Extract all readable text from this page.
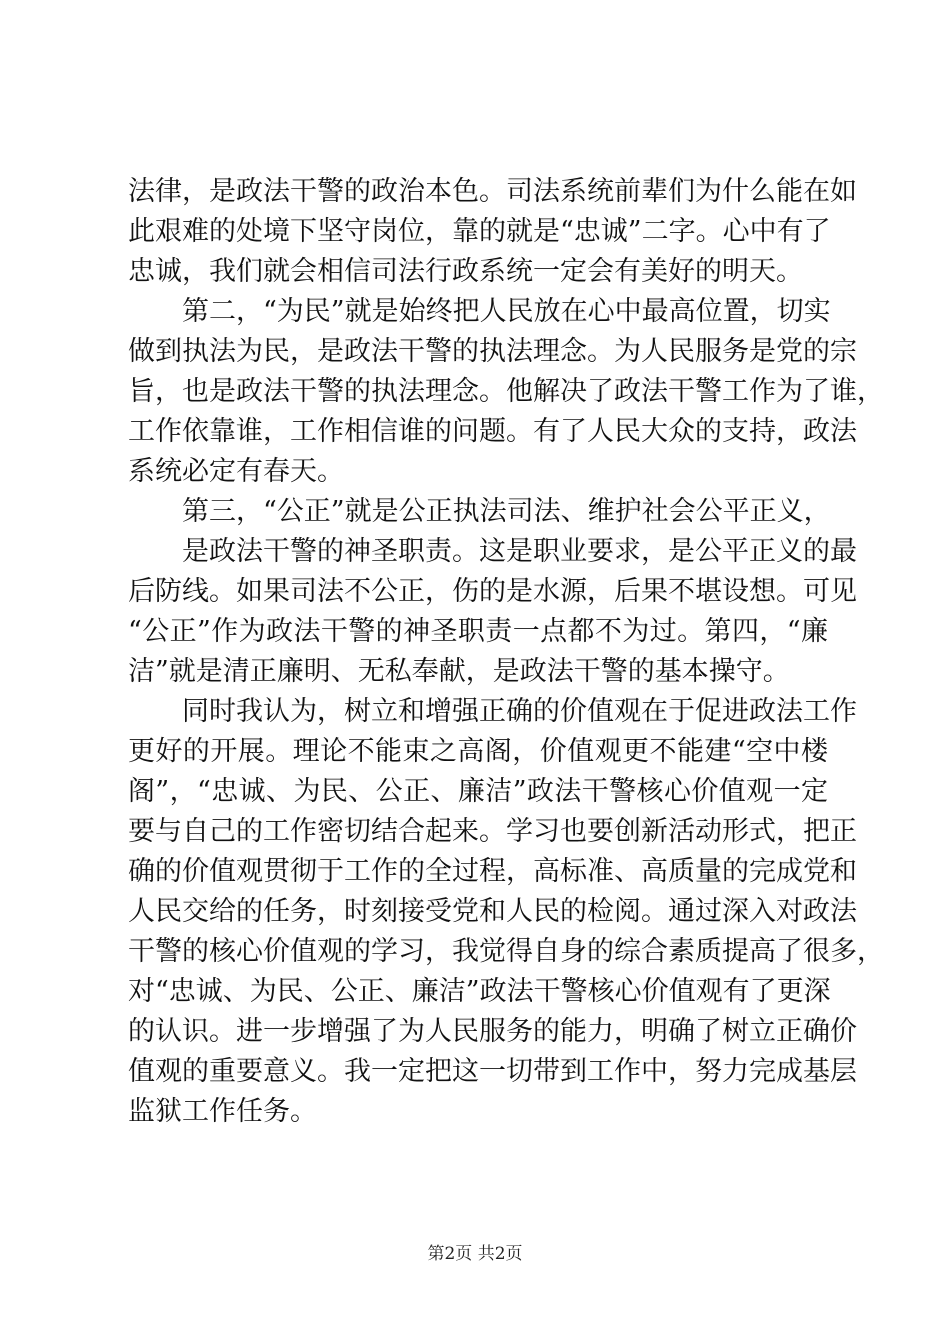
法律，是政法干警的政治本色。司法系统前辈们为什么能在如
此艰难的处境下坚守岗位，靠的就是“忠诚”二字。心中有了
忠诚，我们就会相信司法行政系统一定会有美好的明天。
　　第二，“为民”就是始终把人民放在心中最高位置，切实
做到执法为民，是政法干警的执法理念。为人民服务是党的宗
旨，也是政法干警的执法理念。他解决了政法干警工作为了谁，
工作依靠谁，工作相信谁的问题。有了人民大众的支持，政法
系统必定有春天。
　　第三，“公正”就是公正执法司法、维护社会公平正义，
　　是政法干警的神圣职责。这是职业要求，是公平正义的最
后防线。如果司法不公正，伤的是水源，后果不堪设想。可见
“公正”作为政法干警的神圣职责一点都不为过。第四，“廉
洁”就是清正廉明、无私奉献，是政法干警的基本操守。
　　同时我认为，树立和增强正确的价值观在于促进政法工作
更好的开展。理论不能束之高阁，价值观更不能建“空中楼
阁”，“忠诚、为民、公正、廉洁”政法干警核心价值观一定
要与自己的工作密切结合起来。学习也要创新活动形式，把正
确的价值观贯彻于工作的全过程，高标准、高质量的完成党和
人民交给的任务，时刻接受党和人民的检阅。通过深入对政法
干警的核心价值观的学习，我觉得自身的综合素质提高了很多，
对“忠诚、为民、公正、廉洁”政法干警核心价值观有了更深
的认识。进一步增强了为人民服务的能力，明确了树立正确价
值观的重要意义。我一定把这一切带到工作中，努力完成基层
监狱工作任务。
第2页 共2页
